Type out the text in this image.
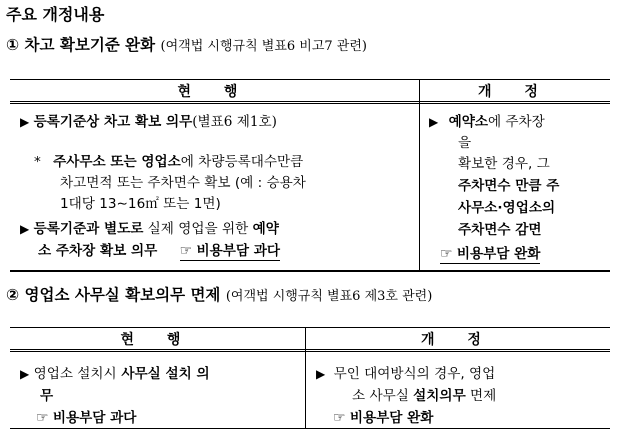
주요 개정내용
① 차고 확보기준 완화 (여객법 시행규칙 별표6 비고7 관련)
현 행	개 정
▶ 등록기준상 차고 확보 의무(별표6 제1호)
* 주사무소 또는 영업소에 차량등록대수만큼
차고면적 또는 주차면수 확보 (예 : 승용차
1대당 13∼16㎡ 또는 1면)
▶ 등록기준과 별도로 실제 영업을 위한 예약
소 주차장 확보 의무 ☞ 비용부담 과다
▶ 예약소에 주차장
을
확보한 경우, 그
주차면수 만큼 주
사무소·영업소의
주차면수 감면
☞ 비용부담 완화
② 영업소 사무실 확보의무 면제 (여객법 시행규칙 별표6 제3호 관련)
현 행	개 정
▶ 영업소 설치시 사무실 설치 의
무
☞ 비용부담 과다
▶ 무인 대여방식의 경우, 영업
소 사무실 설치의무 면제
☞ 비용부담 완화
